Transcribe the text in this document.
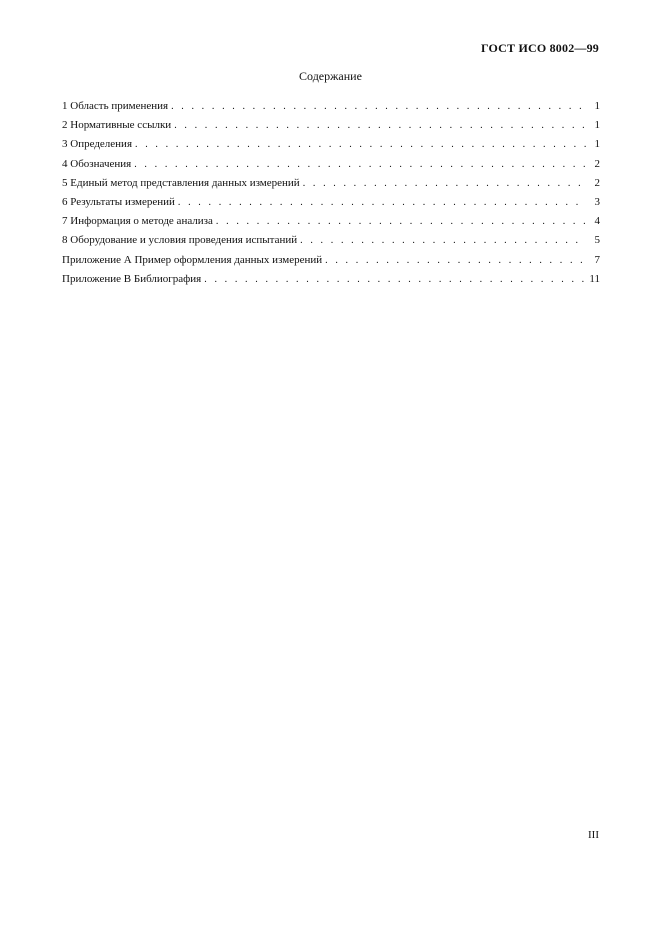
ГОСТ ИСО 8002—99
Содержание
1 Область применения . . .	1
2 Нормативные ссылки . . .	1
3 Определения . . .	1
4 Обозначения . . .	2
5 Единый метод представления данных измерений . . .	2
6 Результаты измерений . . .	3
7 Информация о методе анализа . . .	4
8 Оборудование и условия проведения испытаний . . .	5
Приложение А Пример оформления данных измерений . . .	7
Приложение В Библиография . . .	11
III
